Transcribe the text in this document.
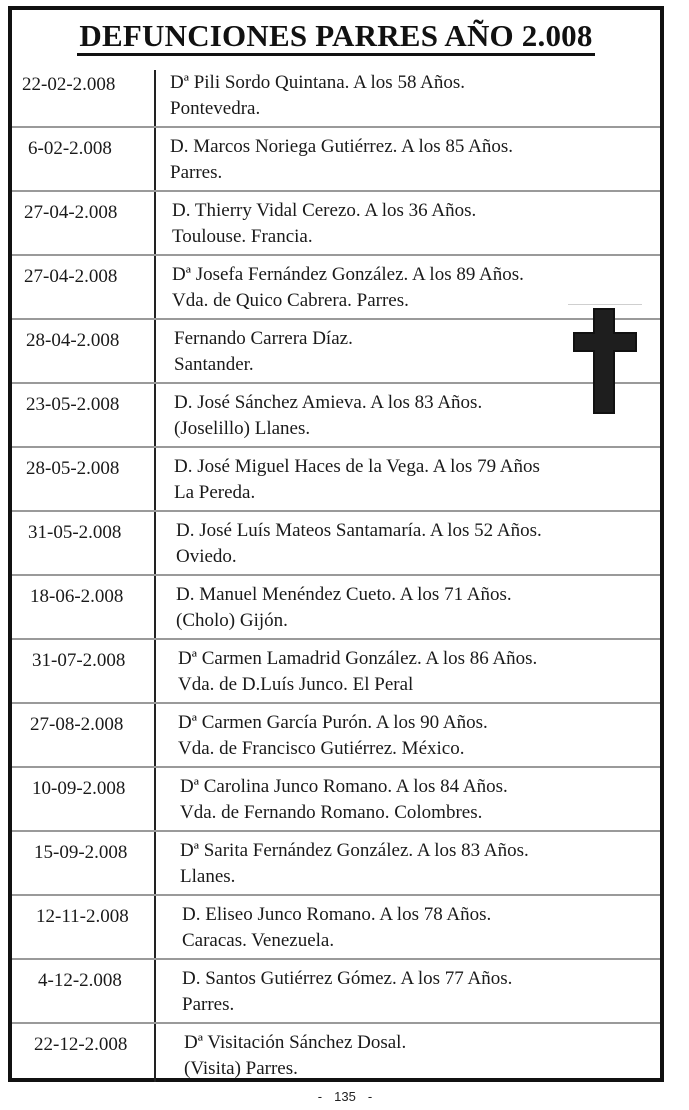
DEFUNCIONES PARRES AÑO 2.008
22-02-2.008	Dª Pili Sordo Quintana. A los 58 Años.
Pontevedra.
6-02-2.008	D. Marcos Noriega Gutiérrez. A los 85 Años.
Parres.
27-04-2.008	D. Thierry Vidal Cerezo. A los 36 Años.
Toulouse. Francia.
27-04-2.008	Dª Josefa Fernández González. A los 89 Años.
Vda. de Quico Cabrera. Parres.
28-04-2.008	Fernando Carrera Díaz.
Santander.
23-05-2.008	D. José Sánchez Amieva. A los 83 Años.
(Joselillo) Llanes.
28-05-2.008	D. José Miguel Haces de la Vega. A los 79 Años
La Pereda.
31-05-2.008	D. José Luís Mateos Santamaría. A los 52 Años.
Oviedo.
18-06-2.008	D. Manuel Menéndez Cueto. A los 71 Años.
(Cholo) Gijón.
31-07-2.008	Dª Carmen Lamadrid González. A los 86 Años.
Vda. de D.Luís Junco. El Peral
27-08-2.008	Dª Carmen García Purón. A los 90 Años.
Vda. de Francisco Gutiérrez. México.
10-09-2.008	Dª Carolina Junco Romano. A los 84 Años.
Vda. de Fernando Romano. Colombres.
15-09-2.008	Dª Sarita Fernández González. A los 83 Años.
Llanes.
12-11-2.008	D. Eliseo Junco Romano. A los 78 Años.
Caracas. Venezuela.
4-12-2.008	D. Santos Gutiérrez Gómez. A los 77 Años.
Parres.
22-12-2.008	Dª Visitación Sánchez Dosal.
(Visita) Parres.
- 135 -
